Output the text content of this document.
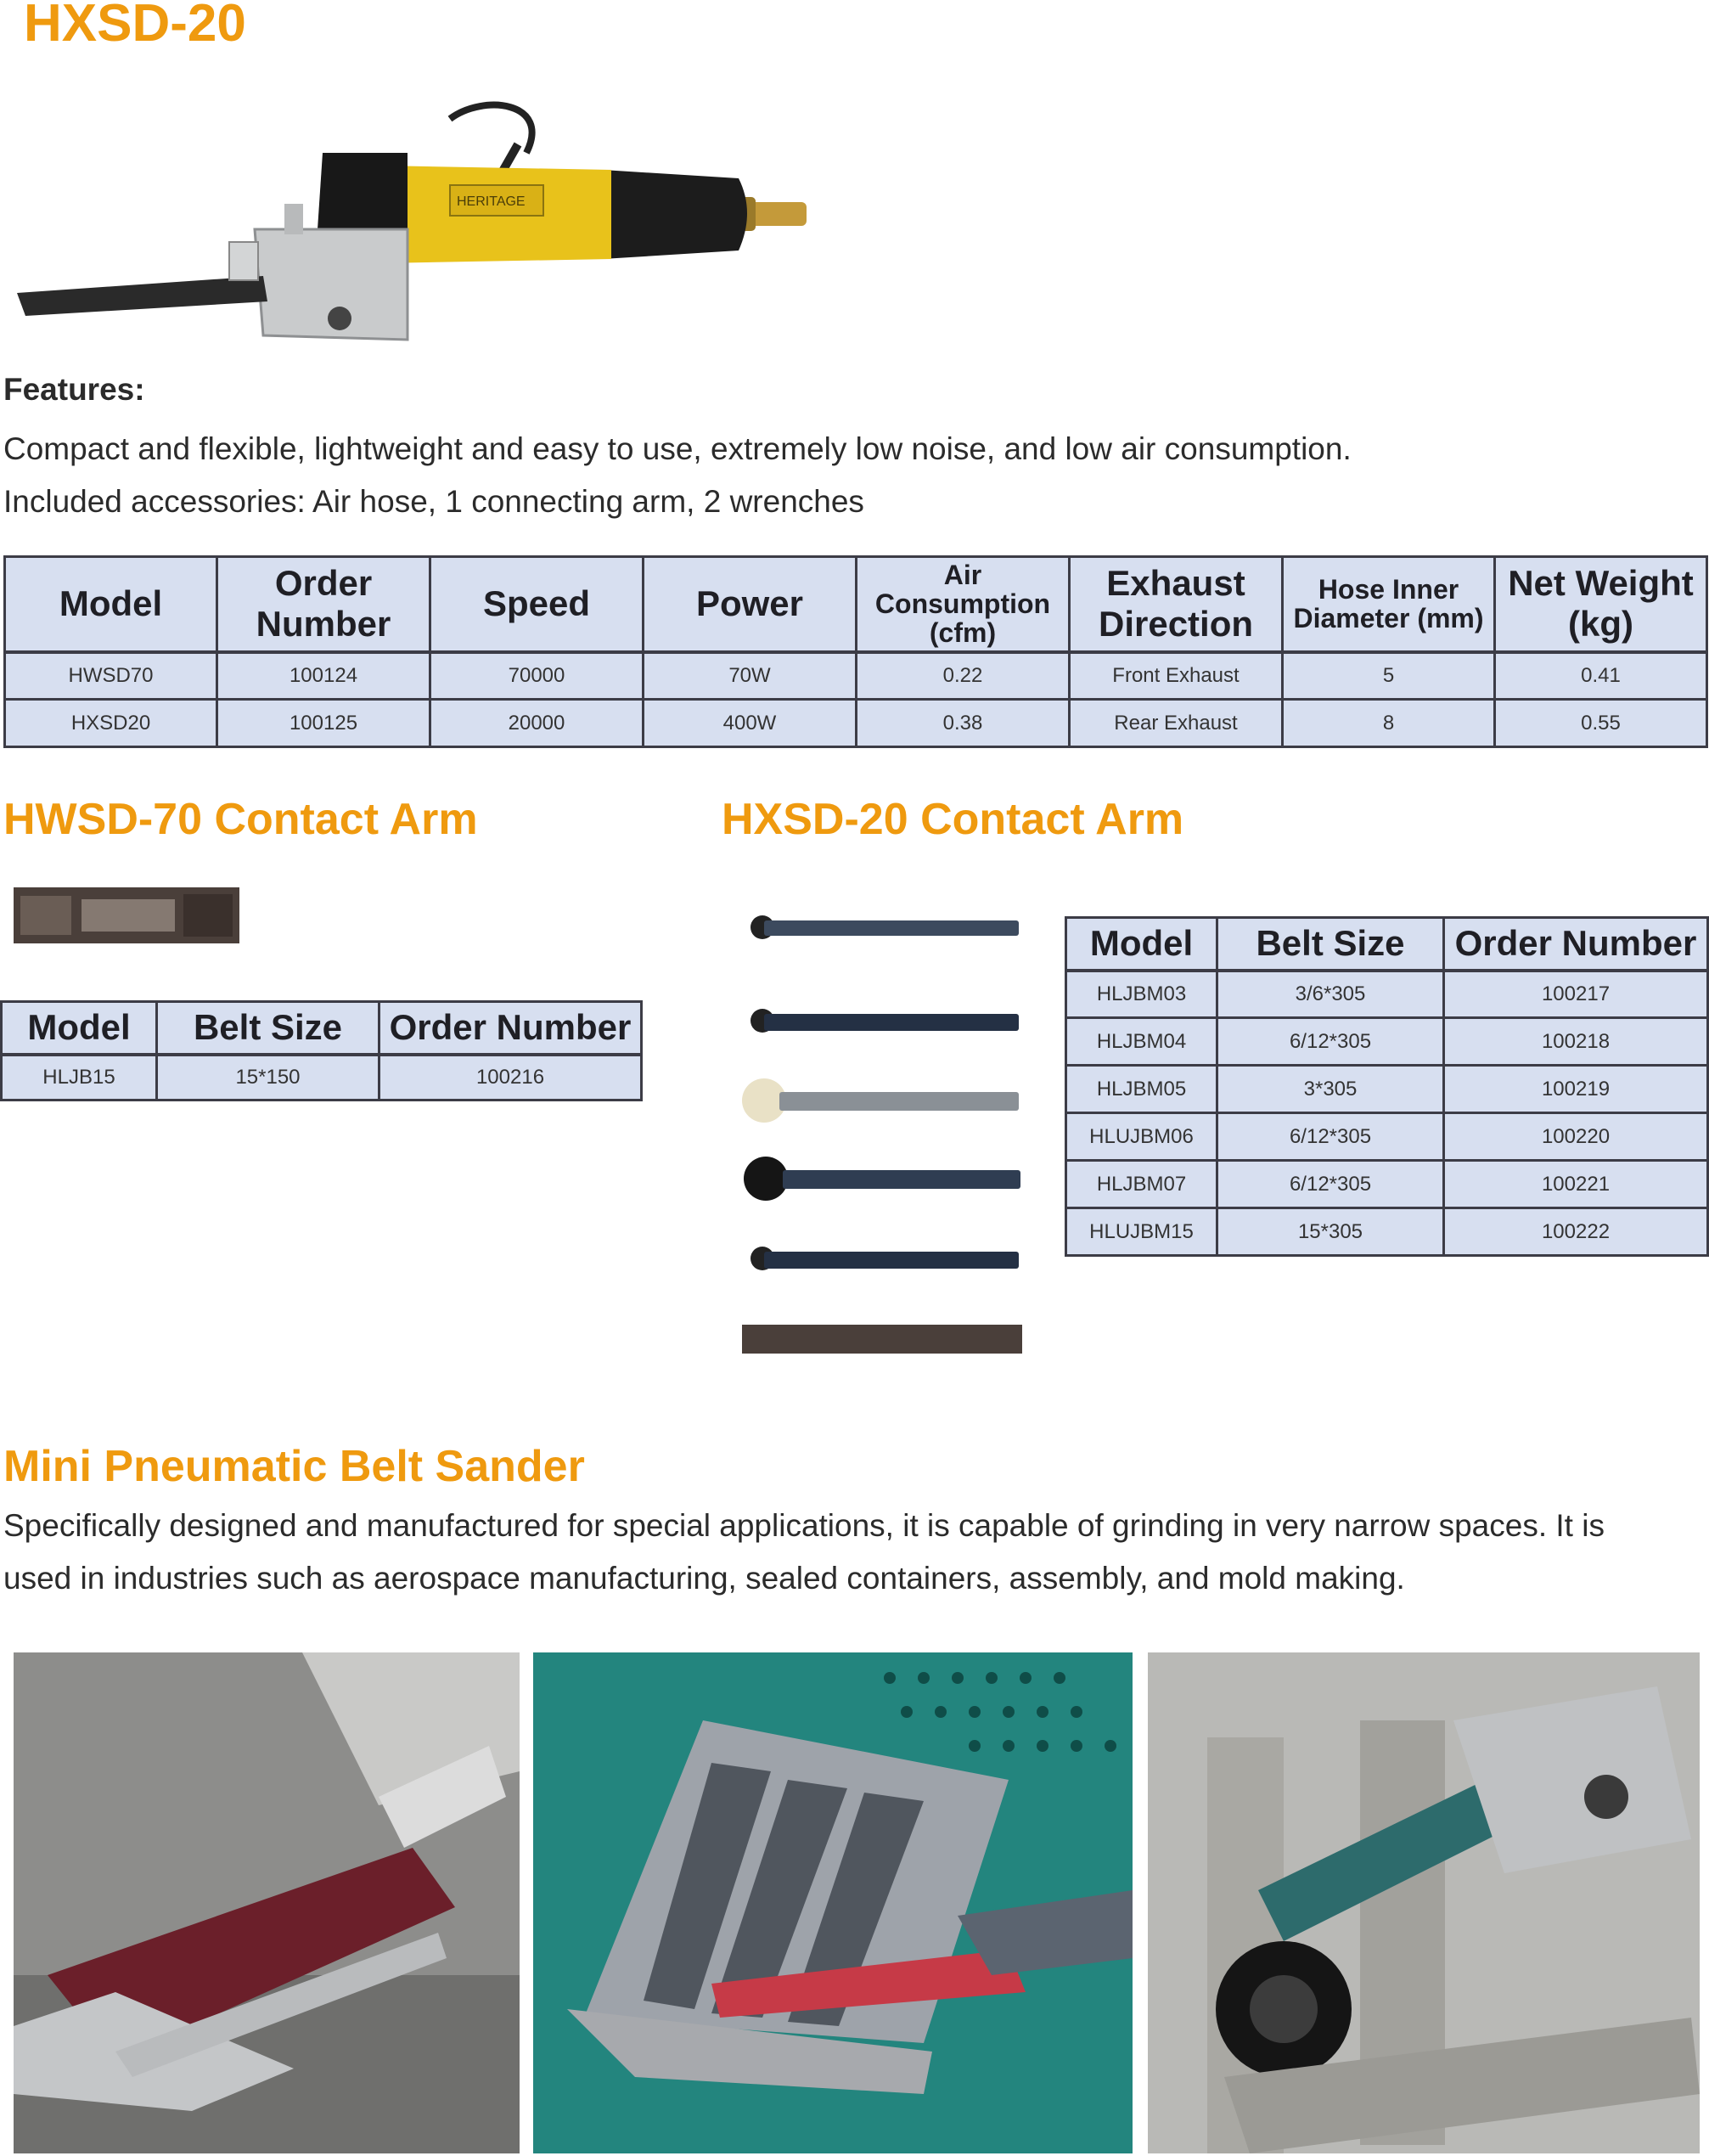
HXSD-20
HERITAGE

Features:

Compact and flexible, lightweight and easy to use, extremely low noise, and low air consumption.

Included accessories: Air hose, 1 connecting arm, 2 wrenches

Model	Order Number	Speed	Power	Air Consumption (cfm)	Exhaust Direction	Hose Inner Diameter (mm)	Net Weight (kg)
HWSD70	100124	70000	70W	0.22	Front Exhaust	5	0.41
HXSD20	100125	20000	400W	0.38	Rear Exhaust	8	0.55
HWSD-70 Contact Arm
Model	Belt Size	Order Number
HLJB15	15*150	100216
HXSD-20 Contact Arm
Model	Belt Size	Order Number
HLJBM03	3/6*305	100217
HLJBM04	6/12*305	100218
HLJBM05	3*305	100219
HLUJBM06	6/12*305	100220
HLJBM07	6/12*305	100221
HLUJBM15	15*305	100222
Mini Pneumatic Belt Sander

Specifically designed and manufactured for special applications, it is capable of grinding in very narrow spaces. It is

used in industries such as aerospace manufacturing, sealed containers, assembly, and mold making.
